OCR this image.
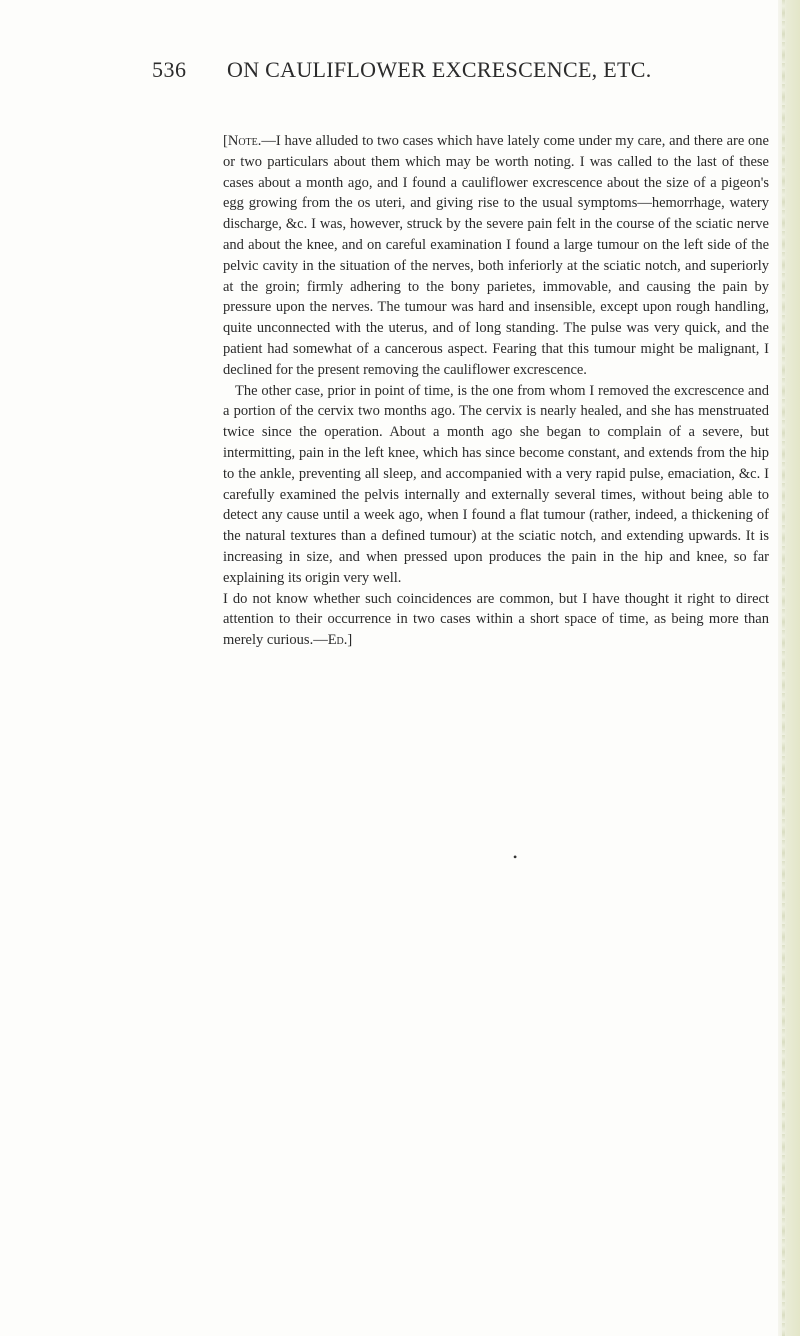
536 ON CAULIFLOWER EXCRESCENCE, ETC.

[Note.—I have alluded to two cases which have lately come under my care, and there are one or two particulars about them which may be worth noting. I was called to the last of these cases about a month ago, and I found a cauliflower excrescence about the size of a pigeon's egg growing from the os uteri, and giving rise to the usual symptoms—hemorrhage, watery discharge, &c. I was, however, struck by the severe pain felt in the course of the sciatic nerve and about the knee, and on careful examination I found a large tumour on the left side of the pelvic cavity in the situation of the nerves, both inferiorly at the sciatic notch, and superiorly at the groin; firmly adhering to the bony parietes, immovable, and causing the pain by pressure upon the nerves. The tumour was hard and insensible, except upon rough handling, quite unconnected with the uterus, and of long standing. The pulse was very quick, and the patient had somewhat of a cancerous aspect. Fearing that this tumour might be malignant, I declined for the present removing the cauliflower excrescence.

The other case, prior in point of time, is the one from whom I removed the excrescence and a portion of the cervix two months ago. The cervix is nearly healed, and she has menstruated twice since the operation. About a month ago she began to complain of a severe, but intermitting, pain in the left knee, which has since become constant, and extends from the hip to the ankle, preventing all sleep, and accompanied with a very rapid pulse, emaciation, &c. I carefully examined the pelvis internally and externally several times, without being able to detect any cause until a week ago, when I found a flat tumour (rather, indeed, a thickening of the natural textures than a defined tumour) at the sciatic notch, and extending upwards. It is increasing in size, and when pressed upon produces the pain in the hip and knee, so far explaining its origin very well.

I do not know whether such coincidences are common, but I have thought it right to direct attention to their occurrence in two cases within a short space of time, as being more than merely curious.—Ed.]

•
